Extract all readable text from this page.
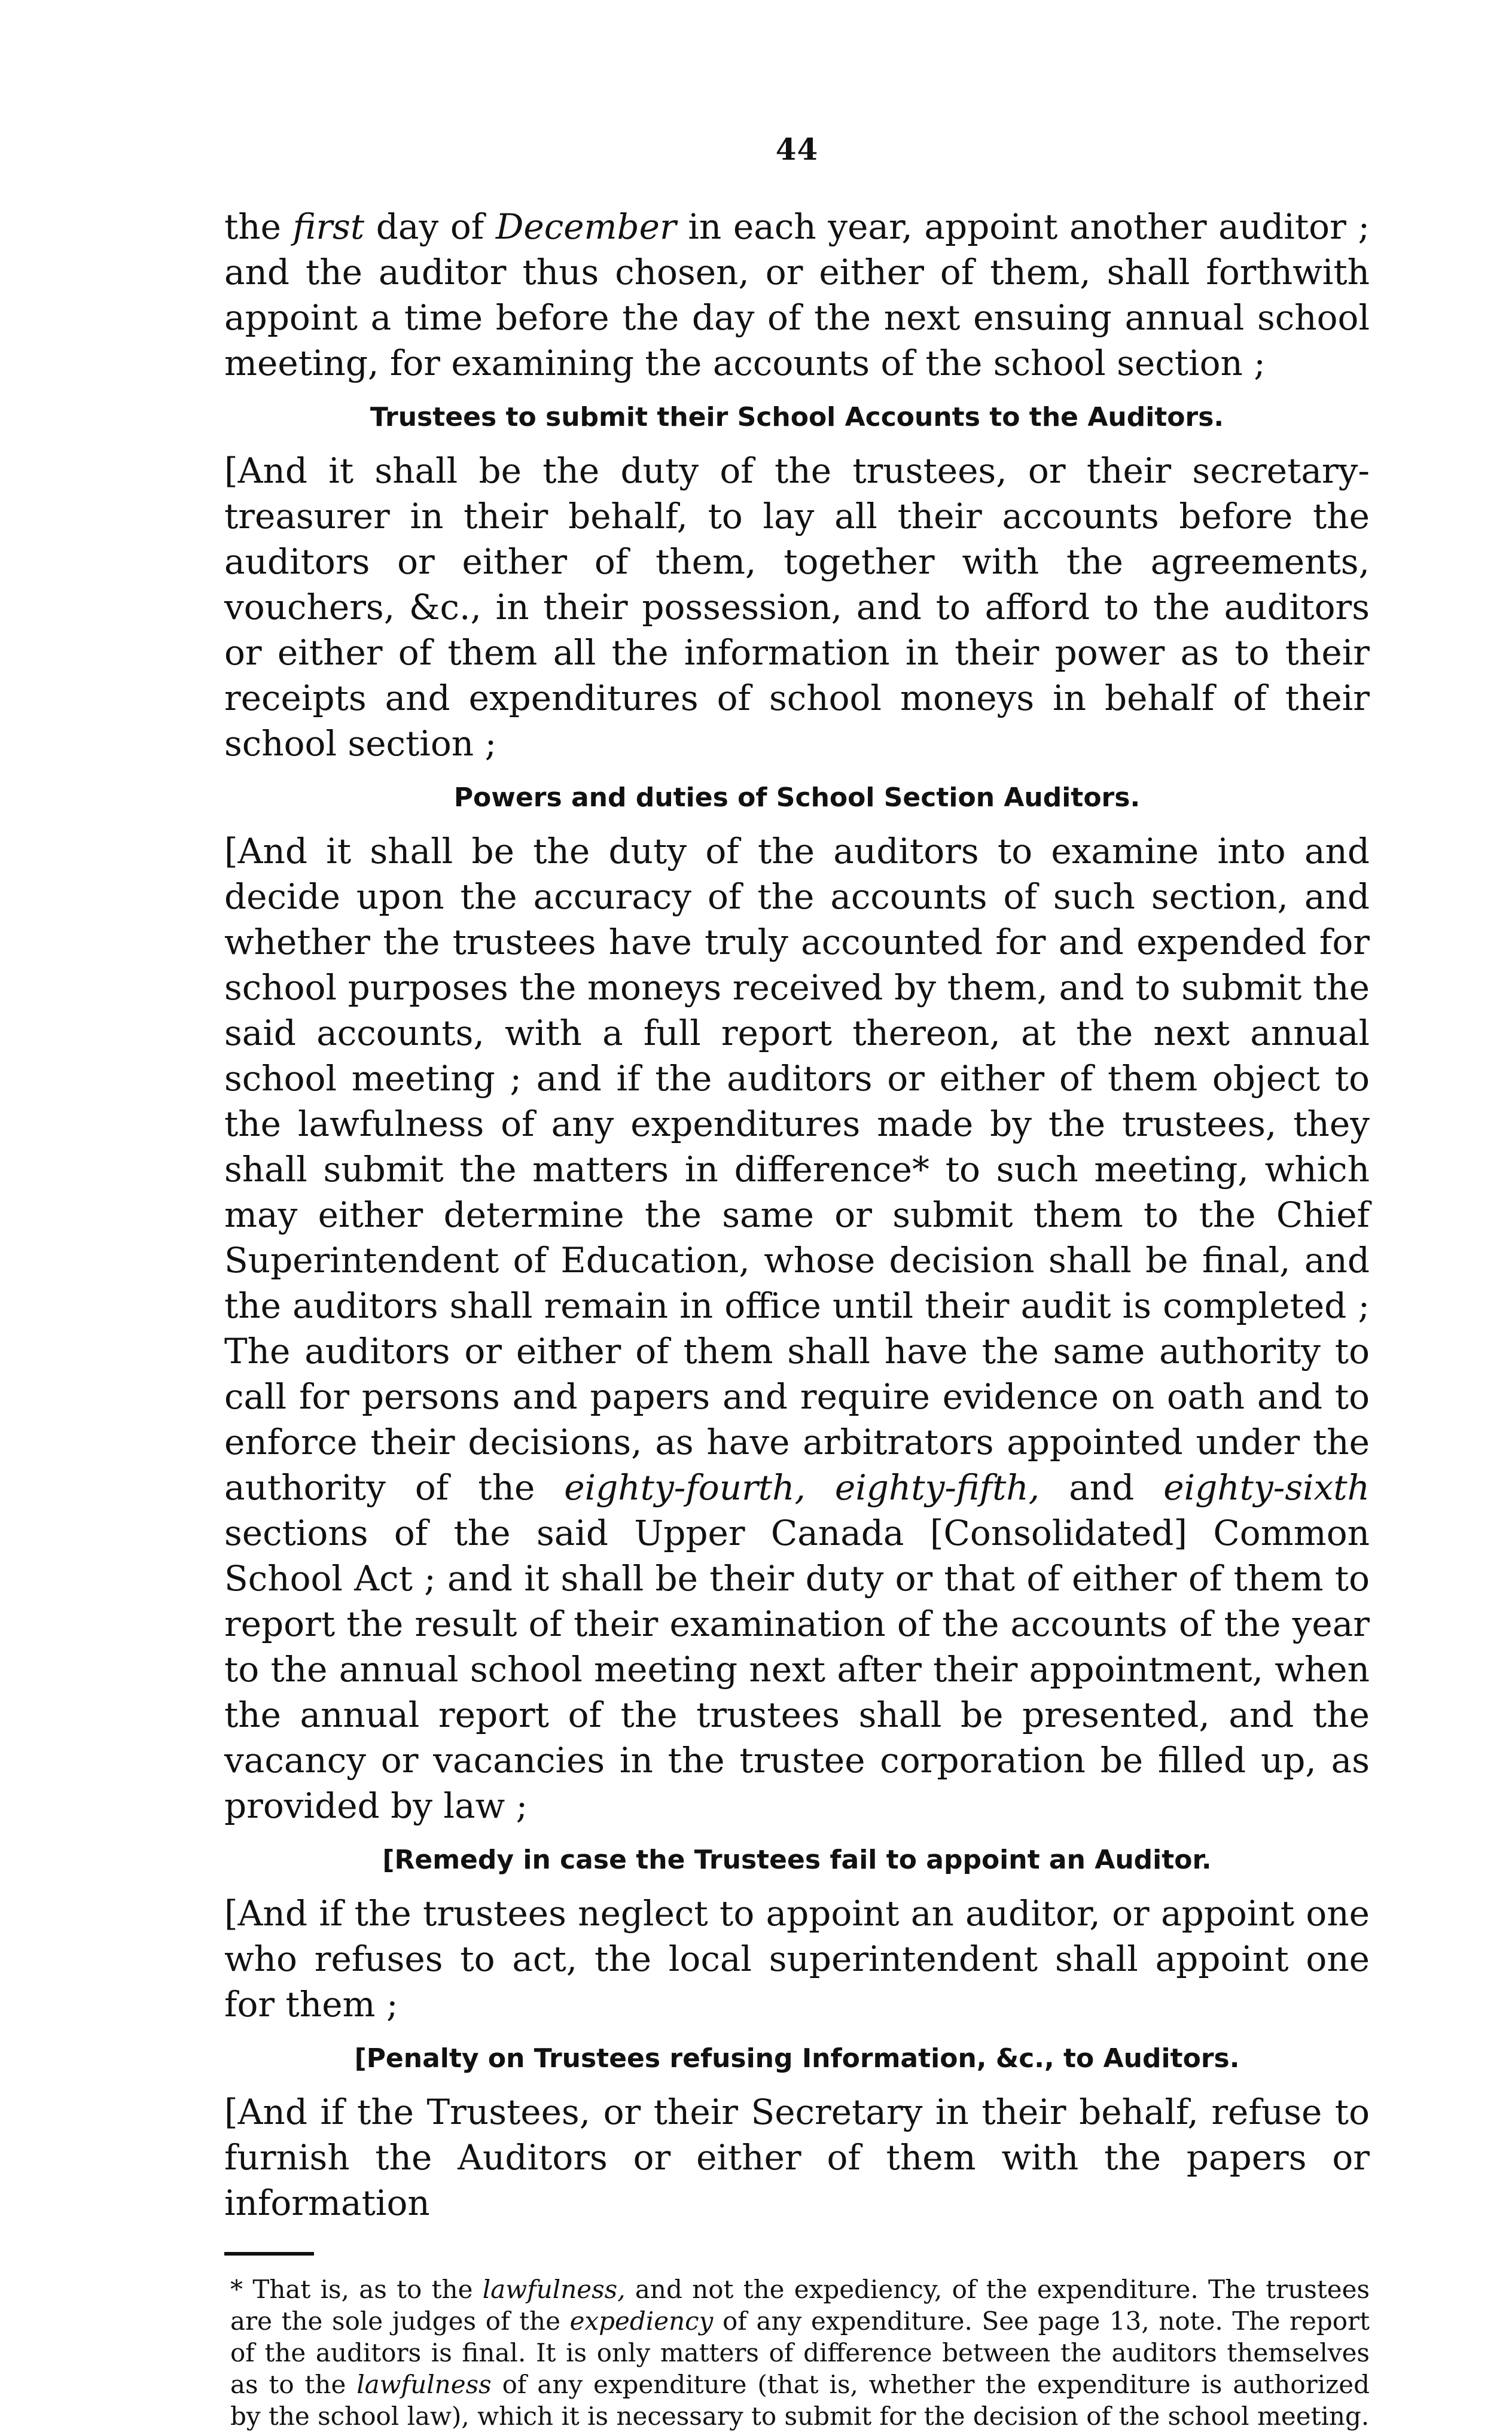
44

the first day of December in each year, appoint another auditor ; and the auditor thus chosen, or either of them, shall forthwith appoint a time before the day of the next ensuing annual school meeting, for examining the accounts of the school section ;

Trustees to submit their School Accounts to the Auditors.

[And it shall be the duty of the trustees, or their secretary-treasurer in their behalf, to lay all their accounts before the auditors or either of them, together with the agreements, vouchers, &c., in their possession, and to afford to the auditors or either of them all the information in their power as to their receipts and expenditures of school moneys in behalf of their school section ;

Powers and duties of School Section Auditors.

[And it shall be the duty of the auditors to examine into and decide upon the accuracy of the accounts of such section, and whether the trustees have truly accounted for and expended for school purposes the moneys received by them, and to submit the said accounts, with a full report thereon, at the next annual school meeting ; and if the auditors or either of them object to the lawfulness of any expenditures made by the trustees, they shall submit the matters in difference* to such meeting, which may either determine the same or submit them to the Chief Superintendent of Education, whose decision shall be final, and the auditors shall remain in office until their audit is completed ; The auditors or either of them shall have the same authority to call for persons and papers and require evidence on oath and to enforce their decisions, as have arbitrators appointed under the authority of the eighty-fourth, eighty-fifth, and eighty-sixth sections of the said Upper Canada [Consolidated] Common School Act ; and it shall be their duty or that of either of them to report the result of their examination of the accounts of the year to the annual school meeting next after their appointment, when the annual report of the trustees shall be presented, and the vacancy or vacancies in the trustee corporation be filled up, as provided by law ;

[Remedy in case the Trustees fail to appoint an Auditor.

[And if the trustees neglect to appoint an auditor, or appoint one who refuses to act, the local superintendent shall appoint one for them ;

[Penalty on Trustees refusing Information, &c., to Auditors.

[And if the Trustees, or their Secretary in their behalf, refuse to furnish the Auditors or either of them with the papers or information

* That is, as to the lawfulness, and not the expediency, of the expenditure. The trustees are the sole judges of the expediency of any expenditure. See page 13, note. The report of the auditors is final. It is only matters of difference between the auditors themselves as to the lawfulness of any expenditure (that is, whether the expenditure is authorized by the school law), which it is necessary to submit for the decision of the school meeting.
